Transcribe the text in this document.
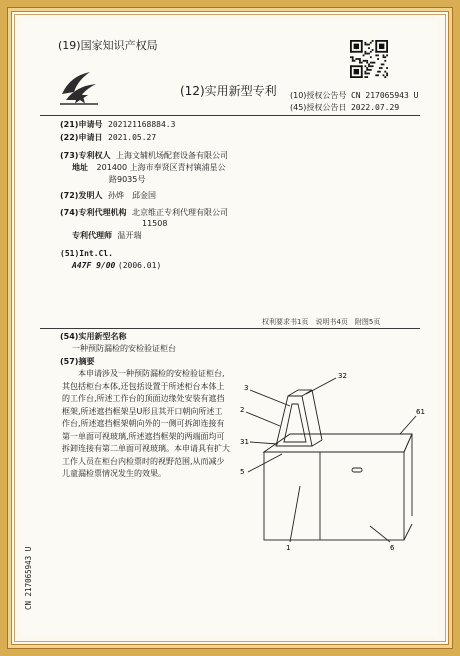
(19)国家知识产权局
(12)实用新型专利 (10)授权公告号 CN 217065943 U
(45)授权公告日 2022.07.29
(21)申请号 202121168884.3
(22)申请日 2021.05.27
(73)专利权人 上海文辅机场配套设备有限公司
地址 201400 上海市奉贤区青村镇浦星公
路9035号
(72)发明人 孙烨　邱金国
(74)专利代理机构 北京维正专利代理有限公司
11508
专利代理师 温开瑞
(51)Int.Cl.
A47F 9/00 (2006.01)
权利要求书1页　说明书4页　附图5页
(54)实用新型名称
一种预防漏检的安检验证柜台
(57)摘要
本申请涉及一种预防漏检的安检验证柜台,
其包括柜台本体,还包括设置于所述柜台本体上
的工作台,所述工作台的顶面边缘处安装有遮挡
框架,所述遮挡框架呈U形且其开口朝向所述工
作台,所述遮挡框架朝向外的一侧可拆卸连接有
第一单面可视玻璃,所述遮挡框架的两端面均可
拆卸连接有第二单面可视玻璃。本申请具有扩大
工作人员在柜台内检票时的视野范围,从而减少
儿童漏检票情况发生的效果。
3
32
2	61
31
5
1	6
CN 217065943 U
